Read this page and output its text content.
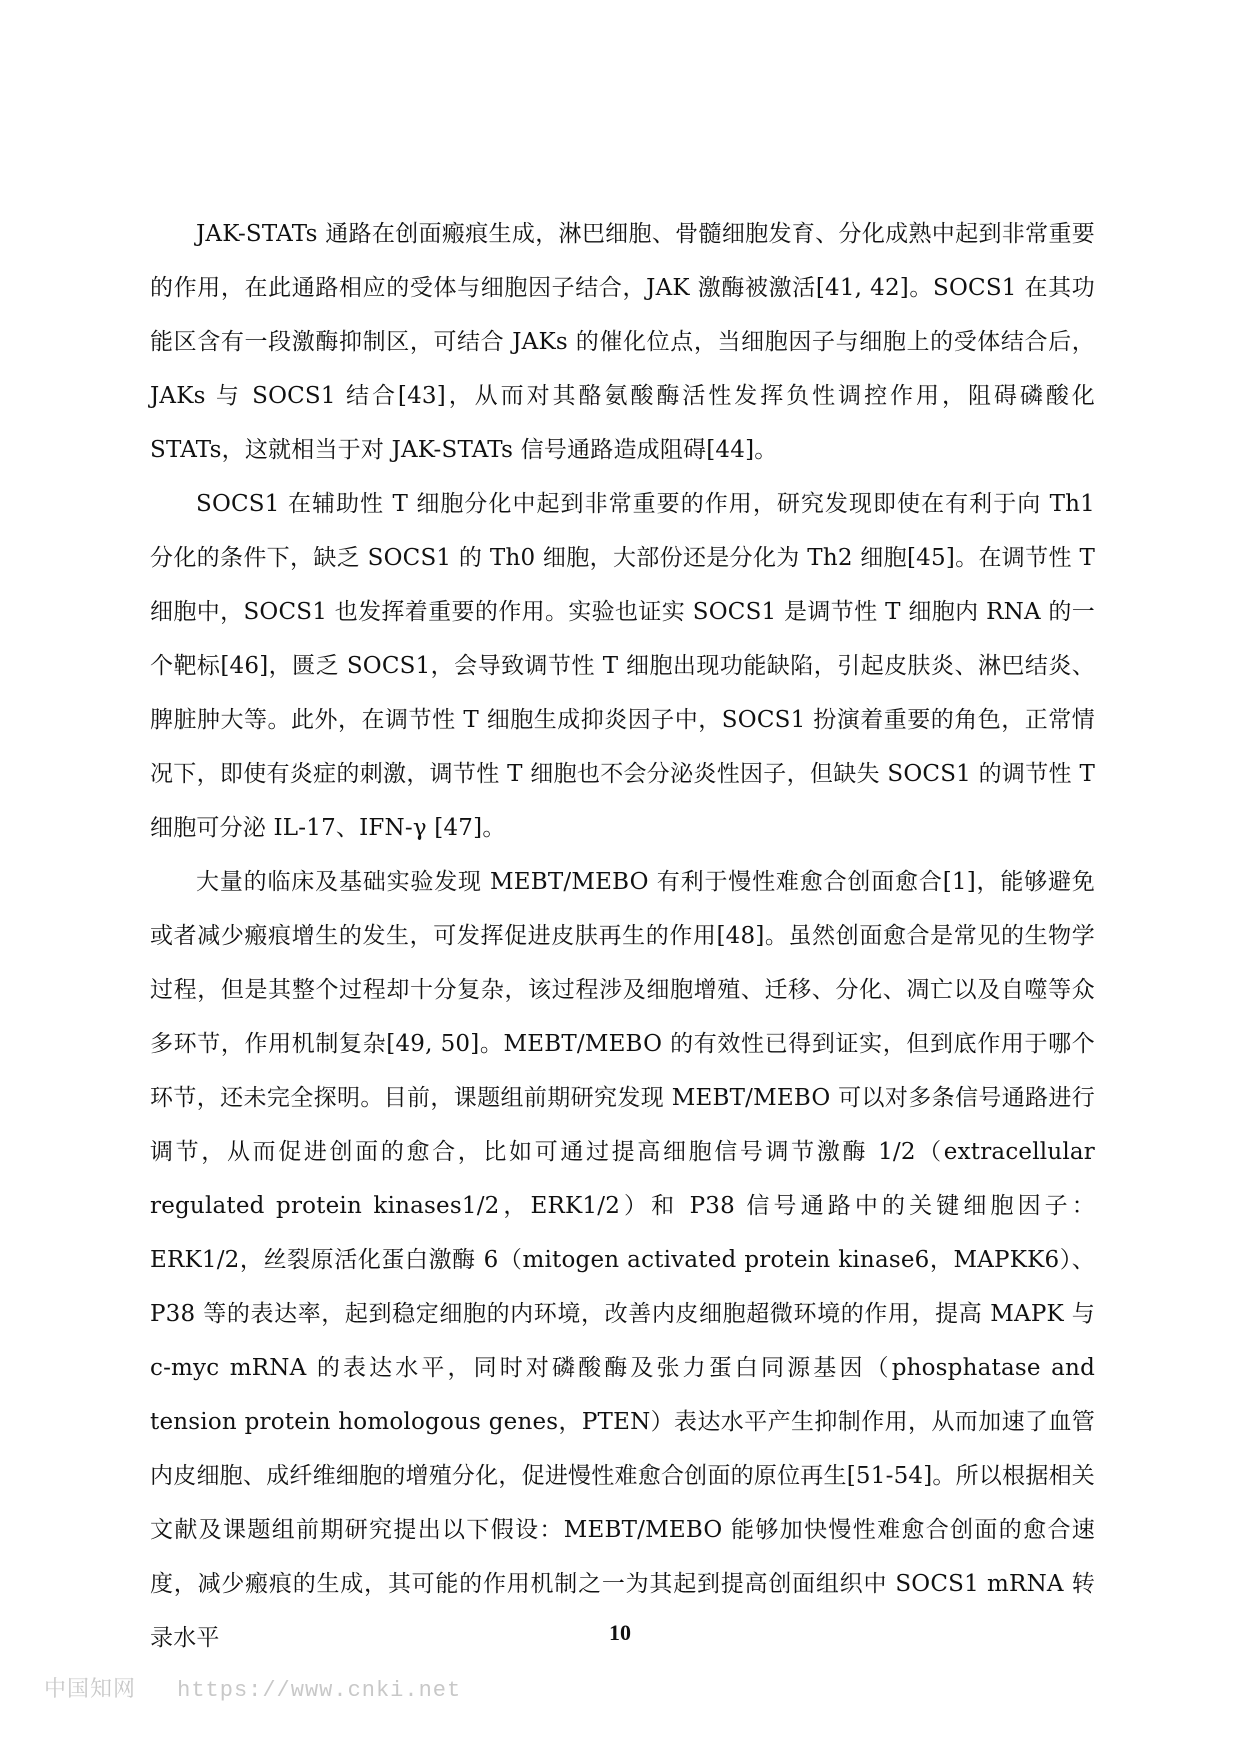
JAK-STATs 通路在创面瘢痕生成，淋巴细胞、骨髓细胞发育、分化成熟中起到非常重要的作用，在此通路相应的受体与细胞因子结合，JAK 激酶被激活[41, 42]。SOCS1 在其功能区含有一段激酶抑制区，可结合 JAKs 的催化位点，当细胞因子与细胞上的受体结合后，JAKs 与 SOCS1 结合[43]，从而对其酪氨酸酶活性发挥负性调控作用，阻碍磷酸化 STATs，这就相当于对 JAK-STATs 信号通路造成阻碍[44]。

SOCS1 在辅助性 T 细胞分化中起到非常重要的作用，研究发现即使在有利于向 Th1 分化的条件下，缺乏 SOCS1 的 Th0 细胞，大部份还是分化为 Th2 细胞[45]。在调节性 T 细胞中，SOCS1 也发挥着重要的作用。实验也证实 SOCS1 是调节性 T 细胞内 RNA 的一个靶标[46]，匮乏 SOCS1，会导致调节性 T 细胞出现功能缺陷，引起皮肤炎、淋巴结炎、脾脏肿大等。此外，在调节性 T 细胞生成抑炎因子中，SOCS1 扮演着重要的角色，正常情况下，即使有炎症的刺激，调节性 T 细胞也不会分泌炎性因子，但缺失 SOCS1 的调节性 T 细胞可分泌 IL-17、IFN-γ [47]。

大量的临床及基础实验发现 MEBT/MEBO 有利于慢性难愈合创面愈合[1]，能够避免或者减少瘢痕增生的发生，可发挥促进皮肤再生的作用[48]。虽然创面愈合是常见的生物学过程，但是其整个过程却十分复杂，该过程涉及细胞增殖、迁移、分化、凋亡以及自噬等众多环节，作用机制复杂[49, 50]。MEBT/MEBO 的有效性已得到证实，但到底作用于哪个环节，还未完全探明。目前，课题组前期研究发现 MEBT/MEBO 可以对多条信号通路进行调节，从而促进创面的愈合，比如可通过提高细胞信号调节激酶 1/2（extracellular regulated protein kinases1/2，ERK1/2）和 P38 信号通路中的关键细胞因子：ERK1/2，丝裂原活化蛋白激酶 6（mitogen activated protein kinase6，MAPKK6）、P38 等的表达率，起到稳定细胞的内环境，改善内皮细胞超微环境的作用，提高 MAPK 与 c-myc mRNA 的表达水平，同时对磷酸酶及张力蛋白同源基因（phosphatase and tension protein homologous genes，PTEN）表达水平产生抑制作用，从而加速了血管内皮细胞、成纤维细胞的增殖分化，促进慢性难愈合创面的原位再生[51-54]。所以根据相关文献及课题组前期研究提出以下假设：MEBT/MEBO 能够加快慢性难愈合创面的愈合速度，减少瘢痕的生成，其可能的作用机制之一为其起到提高创面组织中 SOCS1 mRNA 转录水平	10
中国知网 https://www.cnki.net
